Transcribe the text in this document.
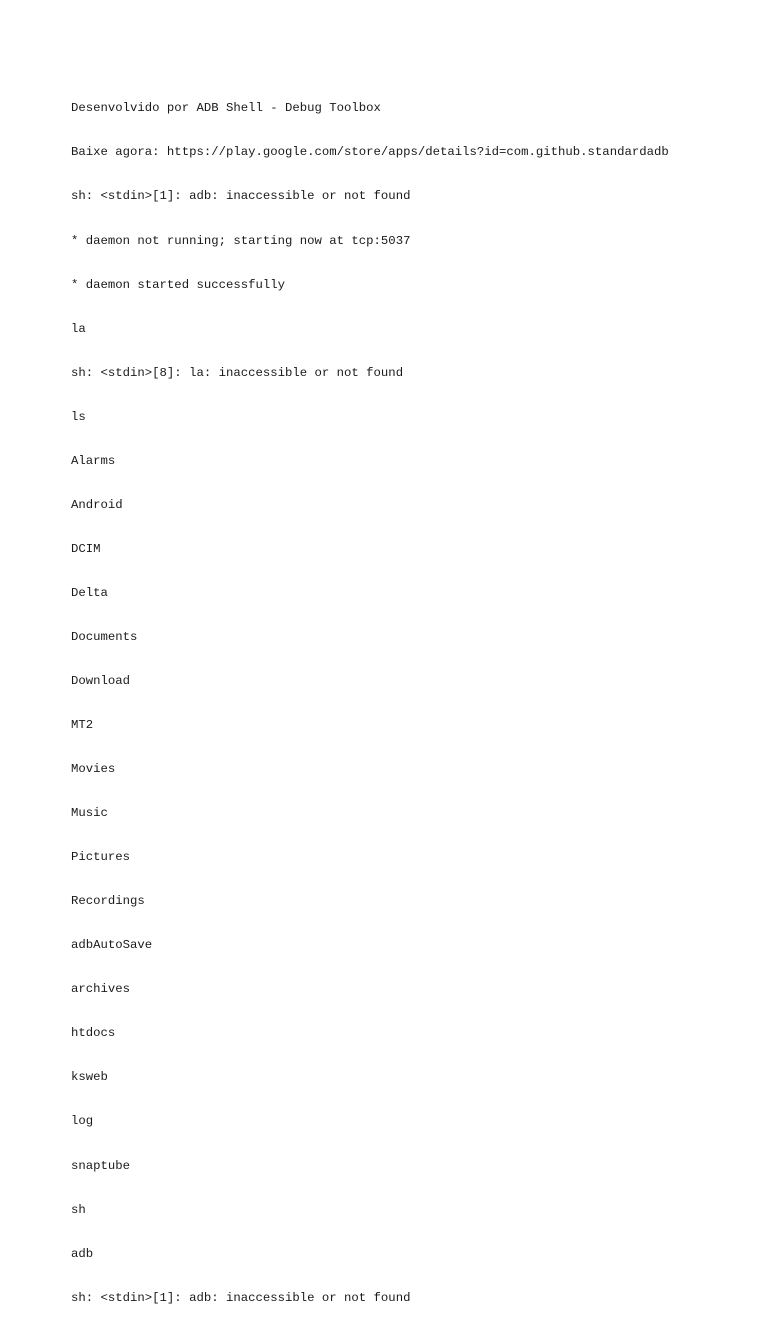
Desenvolvido por ADB Shell - Debug Toolbox

Baixe agora: https://play.google.com/store/apps/details?id=com.github.standardadb

sh: <stdin>[1]: adb: inaccessible or not found

* daemon not running; starting now at tcp:5037

* daemon started successfully

la

sh: <stdin>[8]: la: inaccessible or not found

ls

Alarms

Android

DCIM

Delta

Documents

Download

MT2

Movies

Music

Pictures

Recordings

adbAutoSave

archives

htdocs

ksweb

log

snaptube

sh

adb

sh: <stdin>[1]: adb: inaccessible or not found
